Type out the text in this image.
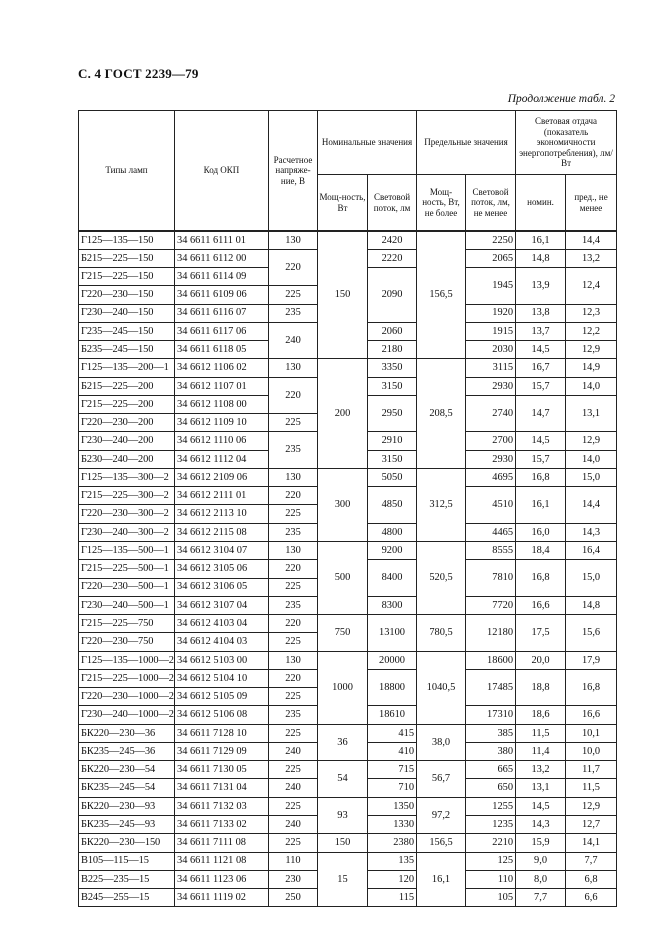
С. 4 ГОСТ 2239—79
Продолжение табл. 2
Типы ламп	Код ОКП	Расчетное напряже-ние, В	Номинальные значения		Предельные значения		Световая отдача (показатель экономичности энергопотребления), лм/Вт	
			Мощ-ность, Вт	Световой поток, лм	Мощ-ность, Вт, не более	Световой поток, лм, не менее	номин.	пред., не менее
Г125—135—150	34 6611 6111 01	130	150	2420	156,5	2250	16,1	14,4
Б215—225—150	34 6611 6112 00	220		2220		2065	14,8	13,2
Г215—225—150	34 6611 6114 09			2090		1945	13,9	12,4
Г220—230—150	34 6611 6109 06	225						
Г230—240—150	34 6611 6116 07	235				1920	13,8	12,3
Г235—245—150	34 6611 6117 06	240		2060		1915	13,7	12,2
Б235—245—150	34 6611 6118 05			2180		2030	14,5	12,9
Г125—135—200—1	34 6612 1106 02	130	200	3350	208,5	3115	16,7	14,9
Б215—225—200	34 6612 1107 01	220		3150		2930	15,7	14,0
Г215—225—200	34 6612 1108 00			2950		2740	14,7	13,1
Г220—230—200	34 6612 1109 10	225						
Г230—240—200	34 6612 1110 06	235		2910		2700	14,5	12,9
Б230—240—200	34 6612 1112 04			3150		2930	15,7	14,0
Г125—135—300—2	34 6612 2109 06	130	300	5050	312,5	4695	16,8	15,0
Г215—225—300—2	34 6612 2111 01	220		4850		4510	16,1	14,4
Г220—230—300—2	34 6612 2113 10	225						
Г230—240—300—2	34 6612 2115 08	235		4800		4465	16,0	14,3
Г125—135—500—1	34 6612 3104 07	130	500	9200	520,5	8555	18,4	16,4
Г215—225—500—1	34 6612 3105 06	220		8400		7810	16,8	15,0
Г220—230—500—1	34 6612 3106 05	225						
Г230—240—500—1	34 6612 3107 04	235		8300		7720	16,6	14,8
Г215—225—750	34 6612 4103 04	220	750	13100	780,5	12180	17,5	15,6
Г220—230—750	34 6612 4104 03	225						
Г125—135—1000—2	34 6612 5103 00	130	1000	20000	1040,5	18600	20,0	17,9
Г215—225—1000—2	34 6612 5104 10	220		18800		17485	18,8	16,8
Г220—230—1000—2	34 6612 5105 09	225						
Г230—240—1000—2	34 6612 5106 08	235		18610		17310	18,6	16,6
БК220—230—36	34 6611 7128 10	225	36	415	38,0	385	11,5	10,1
БК235—245—36	34 6611 7129 09	240		410		380	11,4	10,0
БК220—230—54	34 6611 7130 05	225	54	715	56,7	665	13,2	11,7
БК235—245—54	34 6611 7131 04	240		710		650	13,1	11,5
БК220—230—93	34 6611 7132 03	225	93	1350	97,2	1255	14,5	12,9
БК235—245—93	34 6611 7133 02	240		1330		1235	14,3	12,7
БК220—230—150	34 6611 7111 08	225	150	2380	156,5	2210	15,9	14,1
В105—115—15	34 6611 1121 08	110	15	135	16,1	125	9,0	7,7
В225—235—15	34 6611 1123 06	230		120		110	8,0	6,8
В245—255—15	34 6611 1119 02	250		115		105	7,7	6,6
